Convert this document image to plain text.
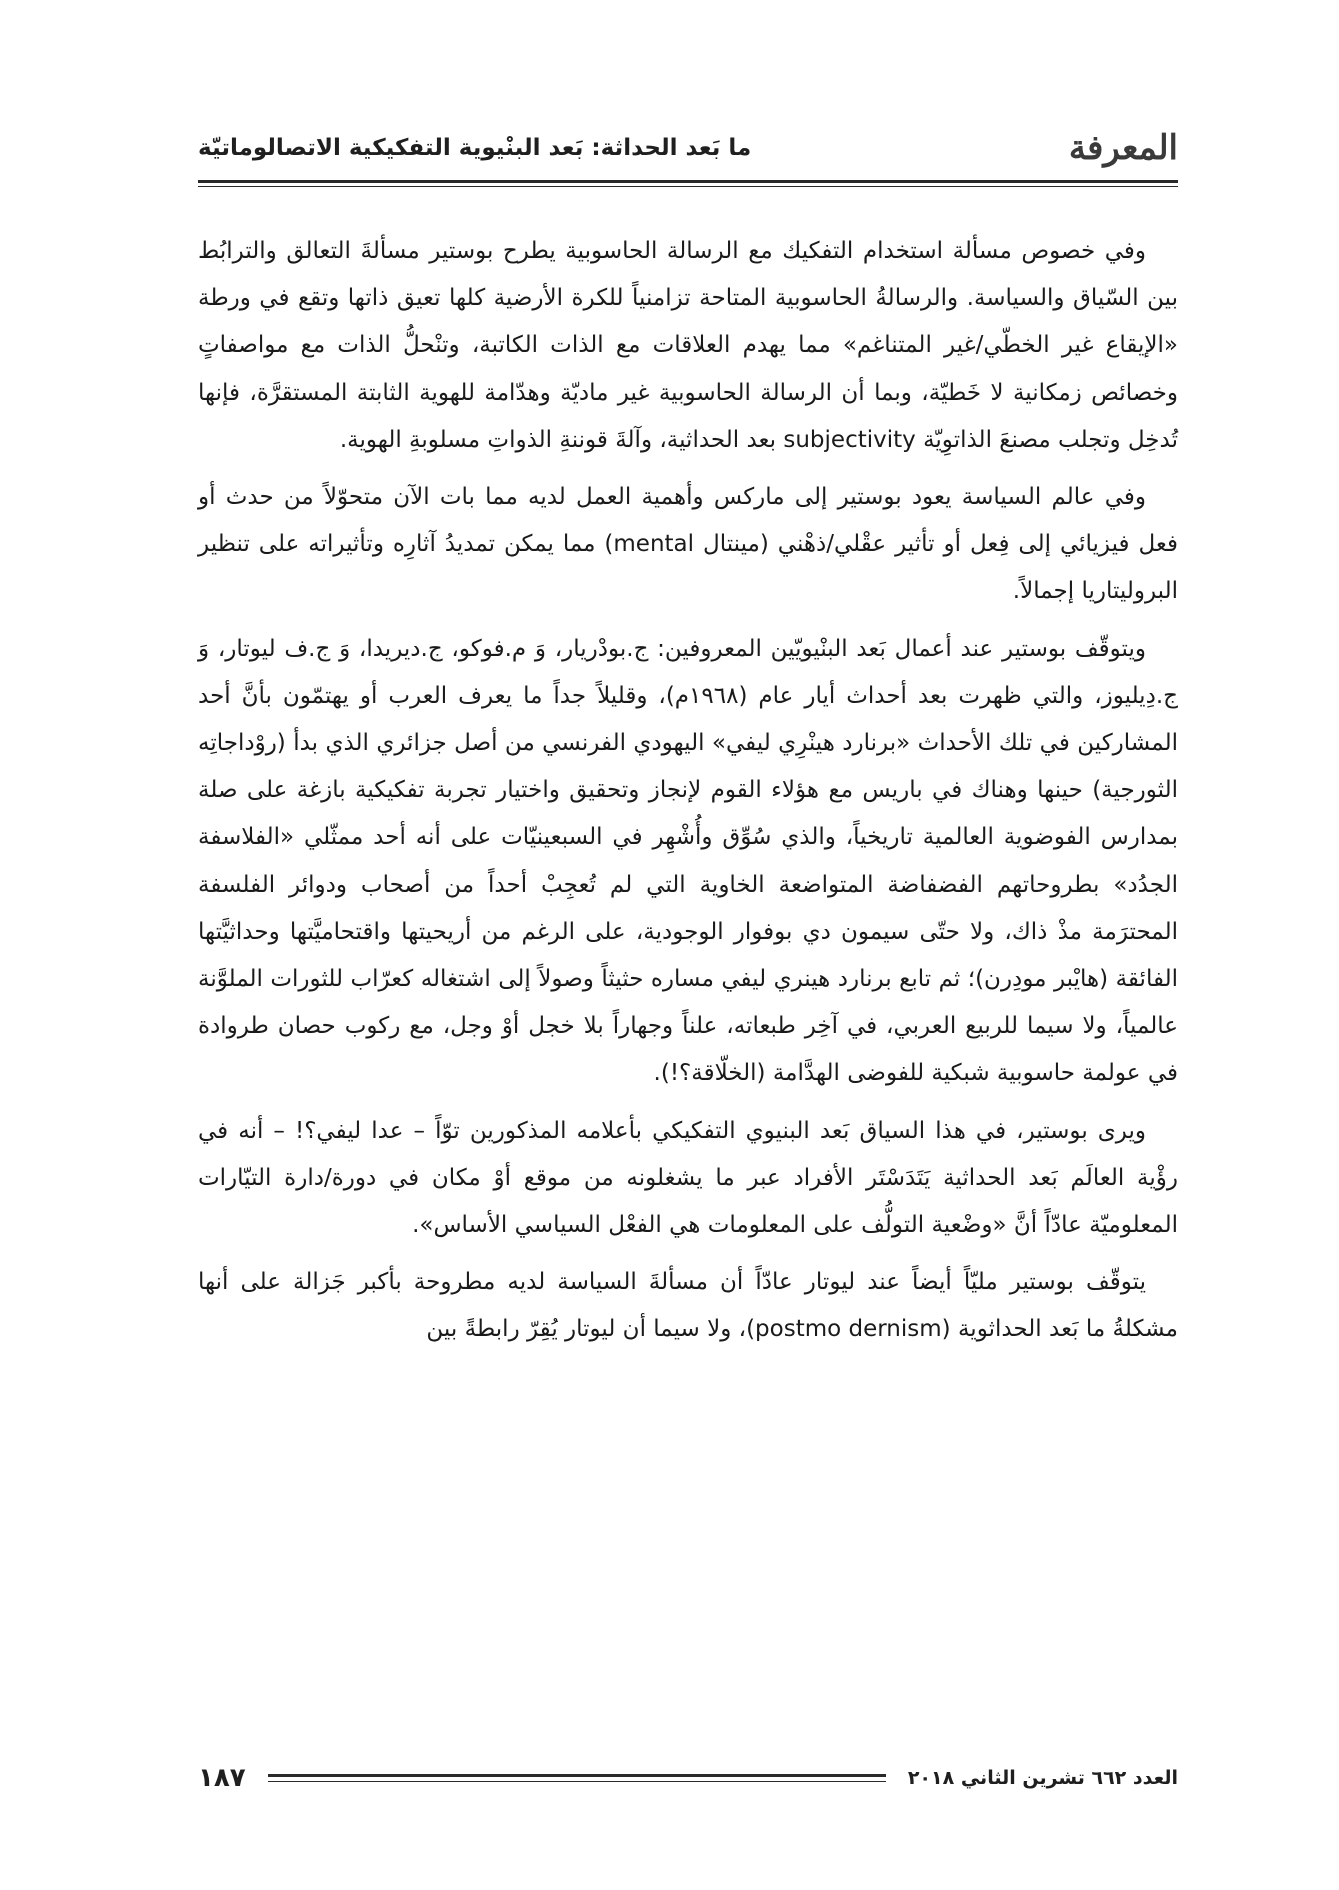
المعرفة
ما بَعد الحداثة: بَعد البنْيوية التفكيكية الاتصالوماتيّة

وفي خصوص مسألة استخدام التفكيك مع الرسالة الحاسوبية يطرح بوستير مسألةَ التعالق والترابُط بين السّياق والسياسة. والرسالةُ الحاسوبية المتاحة تزامنياً للكرة الأرضية كلها تعيق ذاتها وتقع في ورطة «الإيقاع غير الخطّي/غير المتناغم» مما يهدم العلاقات مع الذات الكاتبة، وتنْحلُّ الذات مع مواصفاتٍ وخصائص زمكانية لا خَطيّة، وبما أن الرسالة الحاسوبية غير ماديّة وهدّامة للهوية الثابتة المستقرَّة، فإنها تُدخِل وتجلب مصنعَ الذاتوِيّة subjectivity بعد الحداثية، وآلةَ قوننةِ الذواتِ مسلوبةِ الهوية.

وفي عالم السياسة يعود بوستير إلى ماركس وأهمية العمل لديه مما بات الآن متحوّلاً من حدث أو فعل فيزيائي إلى فِعل أو تأثير عقْلي/ذهْني (مينتال mental) مما يمكن تمديدُ آثارِه وتأثيراته على تنظير البروليتاريا إجمالاً.

ويتوقّف بوستير عند أعمال بَعد البنْيويّين المعروفين: ج.بودْريار، وَ م.فوكو، ج.ديريدا، وَ ج.ف ليوتار، وَ ج.دِيليوز، والتي ظهرت بعد أحداث أيار عام (١٩٦٨م)، وقليلاً جداً ما يعرف العرب أو يهتمّون بأنَّ أحد المشاركين في تلك الأحداث «برنارد هينْرِي ليفي» اليهودي الفرنسي من أصل جزائري الذي بدأ (روْداجاتِه الثورجية) حينها وهناك في باريس مع هؤلاء القوم لإنجاز وتحقيق واختيار تجربة تفكيكية بازغة على صلة بمدارس الفوضوية العالمية تاريخياً، والذي سُوِّق وأُشْهِر في السبعينيّات على أنه أحد ممثّلي «الفلاسفة الجدُد» بطروحاتهم الفضفاضة المتواضعة الخاوية التي لم تُعجِبْ أحداً من أصحاب ودوائر الفلسفة المحترَمة مذْ ذاك، ولا حتّى سيمون دي بوفوار الوجودية، على الرغم من أريحيتها واقتحاميَّتها وحداثيَّتها الفائقة (هايْبر مودِرن)؛ ثم تابع برنارد هينري ليفي مساره حثيثاً وصولاً إلى اشتغاله كعرّاب للثورات الملوَّنة عالمياً، ولا سيما للربيع العربي، في آخِر طبعاته، علناً وجهاراً بلا خجل أوْ وجل، مع ركوب حصان طروادة في عولمة حاسوبية شبكية للفوضى الهدَّامة (الخلّاقة؟!).

ويرى بوستير، في هذا السياق بَعد البنيوي التفكيكي بأعلامه المذكورين توّاً – عدا ليفي؟! – أنه في رؤْية العالَم بَعد الحداثية يَتَدَسْتَر الأفراد عبر ما يشغلونه من موقع أوْ مكان في دورة/دارة التيّارات المعلوميّة عادّاً أنَّ «وضْعية التولُّف على المعلومات هي الفعْل السياسي الأساس».

يتوقّف بوستير مليّاً أيضاً عند ليوتار عادّاً أن مسألةَ السياسة لديه مطروحة بأكبر جَزالة على أنها مشكلةُ ما بَعد الحداثوية (postmo dernism)، ولا سيما أن ليوتار يُقِرّ رابطةً بين

العدد ٦٦٢ تشرين الثاني ٢٠١٨
١٨٧
